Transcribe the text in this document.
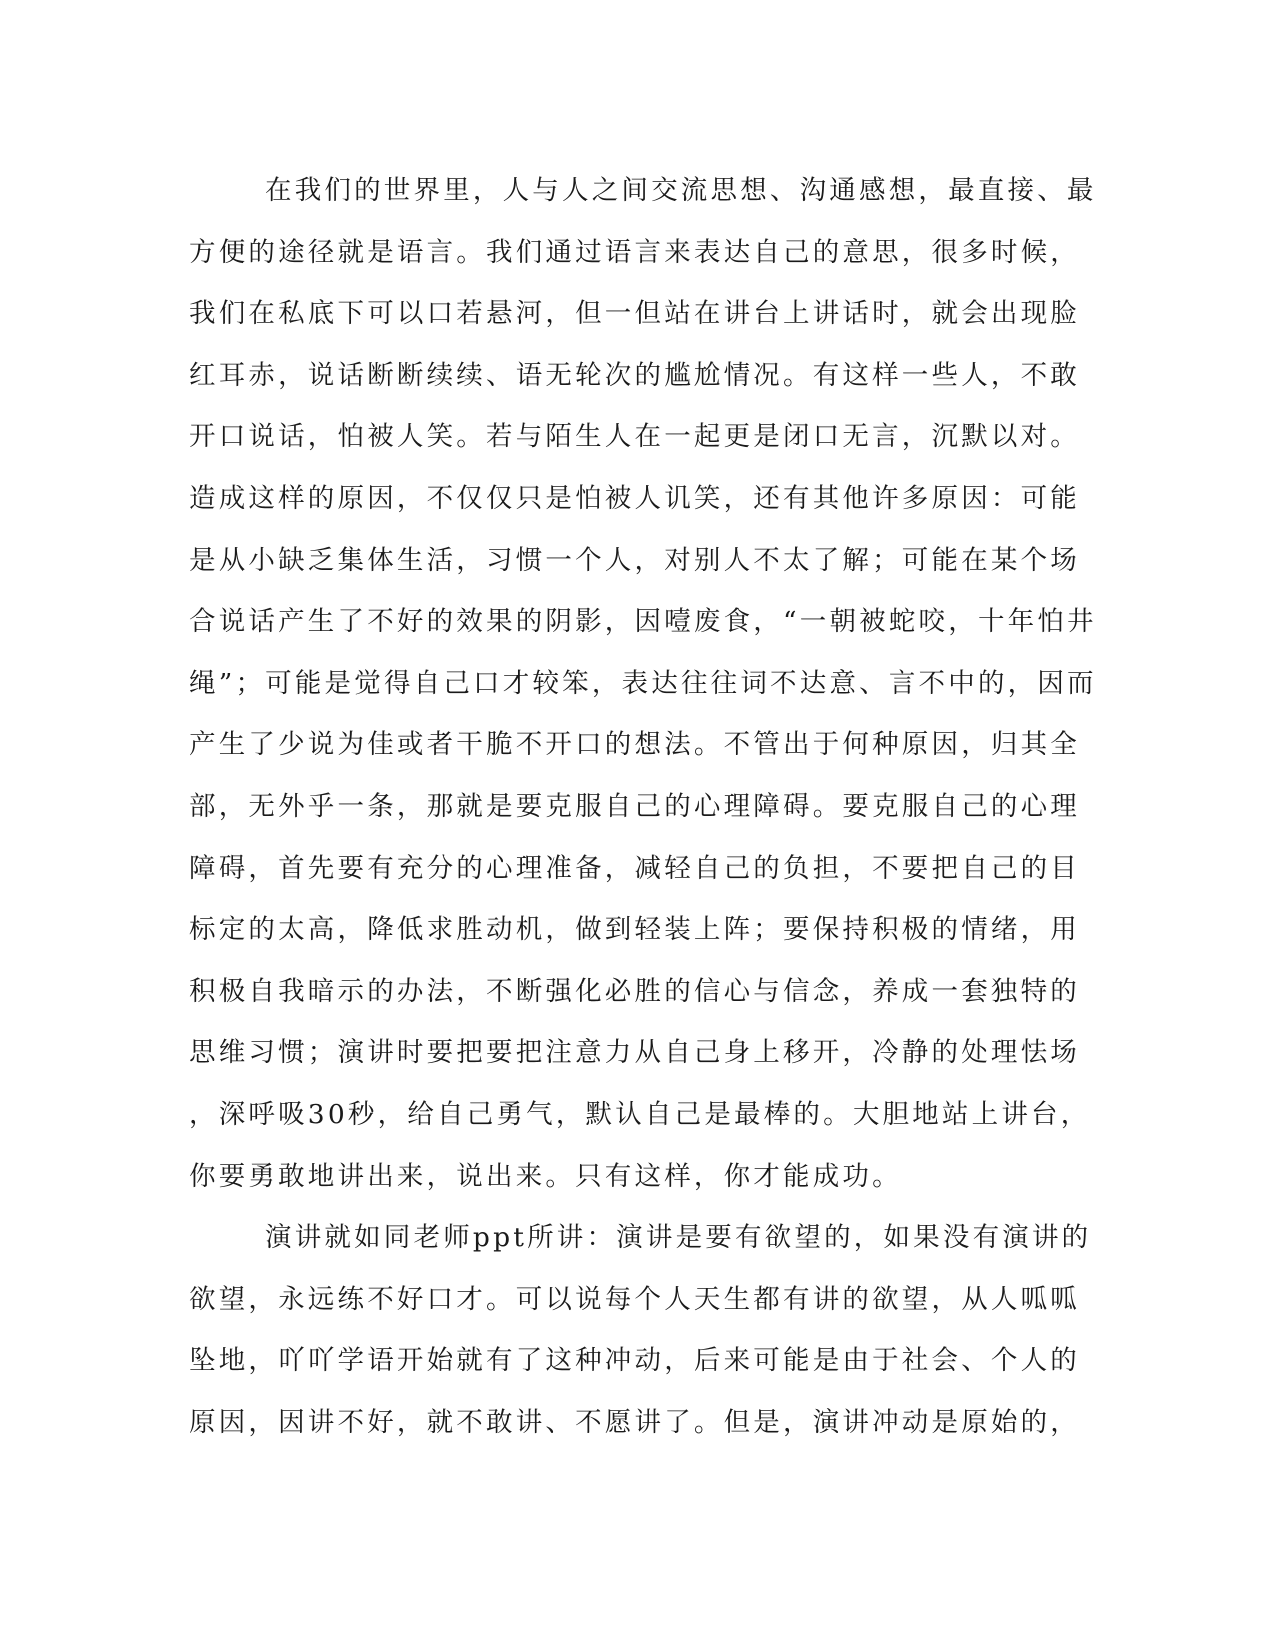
在我们的世界里，人与人之间交流思想、沟通感想，最直接、最
方便的途径就是语言。我们通过语言来表达自己的意思，很多时候，
我们在私底下可以口若悬河，但一但站在讲台上讲话时，就会出现脸
红耳赤，说话断断续续、语无轮次的尴尬情况。有这样一些人，不敢
开口说话，怕被人笑。若与陌生人在一起更是闭口无言，沉默以对。
造成这样的原因，不仅仅只是怕被人讥笑，还有其他许多原因：可能
是从小缺乏集体生活，习惯一个人，对别人不太了解；可能在某个场
合说话产生了不好的效果的阴影，因噎废食，“一朝被蛇咬，十年怕井
绳”；可能是觉得自己口才较笨，表达往往词不达意、言不中的，因而
产生了少说为佳或者干脆不开口的想法。不管出于何种原因，归其全
部，无外乎一条，那就是要克服自己的心理障碍。要克服自己的心理
障碍，首先要有充分的心理准备，减轻自己的负担，不要把自己的目
标定的太高，降低求胜动机，做到轻装上阵；要保持积极的情绪，用
积极自我暗示的办法，不断强化必胜的信心与信念，养成一套独特的
思维习惯；演讲时要把要把注意力从自己身上移开，冷静的处理怯场
，深呼吸30秒，给自己勇气，默认自己是最棒的。大胆地站上讲台，
你要勇敢地讲出来，说出来。只有这样，你才能成功。
演讲就如同老师ppt所讲：演讲是要有欲望的，如果没有演讲的
欲望，永远练不好口才。可以说每个人天生都有讲的欲望，从人呱呱
坠地，吖吖学语开始就有了这种冲动，后来可能是由于社会、个人的
原因，因讲不好，就不敢讲、不愿讲了。但是，演讲冲动是原始的，
